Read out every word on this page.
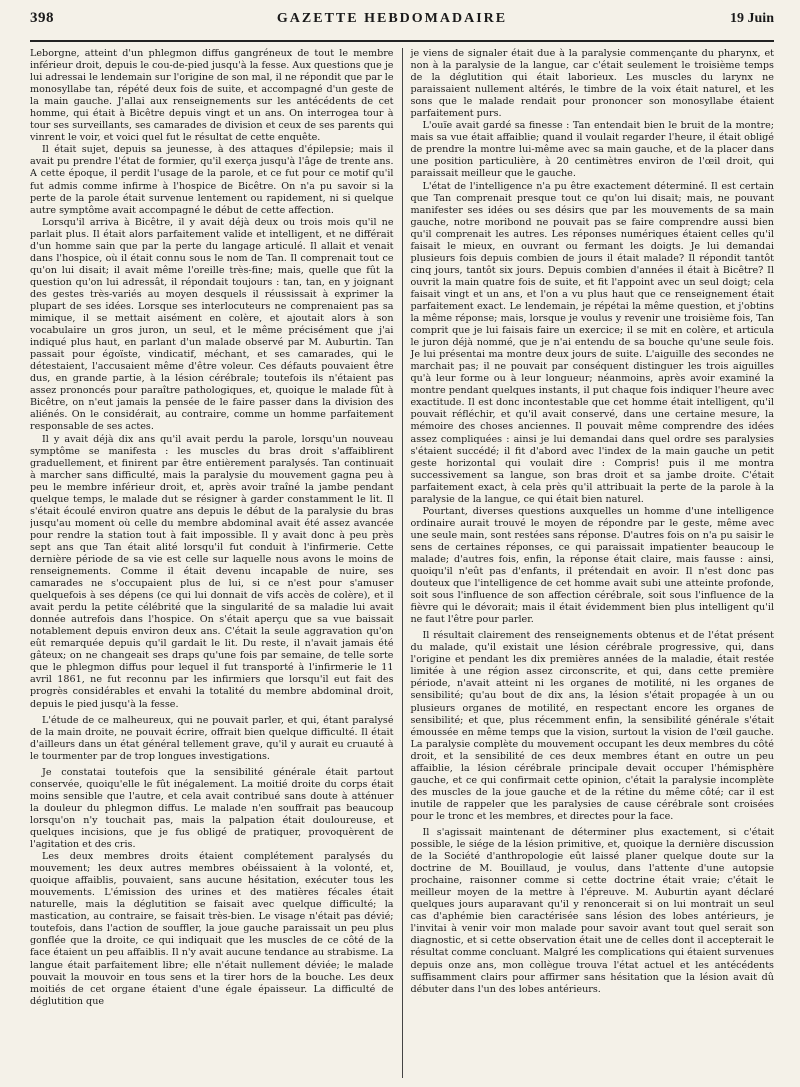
398	GAZETTE HEBDOMADAIRE	19 Juin

Leborgne, atteint d'un phlegmon diffus gangréneux de tout le membre inférieur droit, depuis le cou-de-pied jusqu'à la fesse. Aux questions que je lui adressai le lendemain sur l'origine de son mal, il ne répondit que par le monosyllabe tan, répété deux fois de suite, et accompagné d'un geste de la main gauche. J'allai aux renseignements sur les antécédents de cet homme, qui était à Bicêtre depuis vingt et un ans. On interrogea tour à tour ses surveillants, ses camarades de division et ceux de ses parents qui vinrent le voir, et voici quel fut le résultat de cette enquête.

Il était sujet, depuis sa jeunesse, à des attaques d'épilepsie; mais il avait pu prendre l'état de formier, qu'il exerça jusqu'à l'âge de trente ans. A cette époque, il perdit l'usage de la parole, et ce fut pour ce motif qu'il fut admis comme infirme à l'hospice de Bicêtre. On n'a pu savoir si la perte de la parole était survenue lentement ou rapidement, ni si quelque autre symptôme avait accompagné le début de cette affection.

Lorsqu'il arriva à Bicêtre, il y avait déjà deux ou trois mois qu'il ne parlait plus. Il était alors parfaitement valide et intelligent, et ne différait d'un homme sain que par la perte du langage articulé. Il allait et venait dans l'hospice, où il était connu sous le nom de Tan. Il comprenait tout ce qu'on lui disait; il avait même l'oreille très-fine; mais, quelle que fût la question qu'on lui adressât, il répondait toujours : tan, tan, en y joignant des gestes très-variés au moyen desquels il réussissait à exprimer la plupart de ses idées. Lorsque ses interlocuteurs ne comprenaient pas sa mimique, il se mettait aisément en colère, et ajoutait alors à son vocabulaire un gros juron, un seul, et le même précisément que j'ai indiqué plus haut, en parlant d'un malade observé par M. Auburtin. Tan passait pour égoïste, vindicatif, méchant, et ses camarades, qui le détestaient, l'accusaient même d'être voleur. Ces défauts pouvaient être dus, en grande partie, à la lésion cérébrale; toutefois ils n'étaient pas assez prononcés pour paraître pathologiques, et, quoique le malade fût à Bicêtre, on n'eut jamais la pensée de le faire passer dans la division des aliénés. On le considérait, au contraire, comme un homme parfaitement responsable de ses actes.

Il y avait déjà dix ans qu'il avait perdu la parole, lorsqu'un nouveau symptôme se manifesta : les muscles du bras droit s'affaiblirent graduellement, et finirent par être entièrement paralysés. Tan continuait à marcher sans difficulté, mais la paralysie du mouvement gagna peu à peu le membre inférieur droit, et, après avoir traîné la jambe pendant quelque temps, le malade dut se résigner à garder constamment le lit. Il s'était écoulé environ quatre ans depuis le début de la paralysie du bras jusqu'au moment où celle du membre abdominal avait été assez avancée pour rendre la station tout à fait impossible. Il y avait donc à peu près sept ans que Tan était alité lorsqu'il fut conduit à l'infirmerie. Cette dernière période de sa vie est celle sur laquelle nous avons le moins de renseignements. Comme il était devenu incapable de nuire, ses camarades ne s'occupaient plus de lui, si ce n'est pour s'amuser quelquefois à ses dépens (ce qui lui donnait de vifs accès de colère), et il avait perdu la petite célébrité que la singularité de sa maladie lui avait donnée autrefois dans l'hospice. On s'était aperçu que sa vue baissait notablement depuis environ deux ans. C'était la seule aggravation qu'on eût remarquée depuis qu'il gardait le lit. Du reste, il n'avait jamais été gâteux; on ne changeait ses draps qu'une fois par semaine, de telle sorte que le phlegmon diffus pour lequel il fut transporté à l'infirmerie le 11 avril 1861, ne fut reconnu par les infirmiers que lorsqu'il eut fait des progrès considérables et envahi la totalité du membre abdominal droit, depuis le pied jusqu'à la fesse.

L'étude de ce malheureux, qui ne pouvait parler, et qui, étant paralysé de la main droite, ne pouvait écrire, offrait bien quelque difficulté. Il était d'ailleurs dans un état général tellement grave, qu'il y aurait eu cruauté à le tourmenter par de trop longues investigations.

Je constatai toutefois que la sensibilité générale était partout conservée, quoiqu'elle le fût inégalement. La moitié droite du corps était moins sensible que l'autre, et cela avait contribué sans doute à atténuer la douleur du phlegmon diffus. Le malade n'en souffrait pas beaucoup lorsqu'on n'y touchait pas, mais la palpation était douloureuse, et quelques incisions, que je fus obligé de pratiquer, provoquèrent de l'agitation et des cris.

Les deux membres droits étaient complétement paralysés du mouvement; les deux autres membres obéissaient à la volonté, et, quoique affaiblis, pouvaient, sans aucune hésitation, exécuter tous les mouvements. L'émission des urines et des matières fécales était naturelle, mais la déglutition se faisait avec quelque difficulté; la mastication, au contraire, se faisait très-bien. Le visage n'était pas dévié; toutefois, dans l'action de souffler, la joue gauche paraissait un peu plus gonflée que la droite, ce qui indiquait que les muscles de ce côté de la face étaient un peu affaiblis. Il n'y avait aucune tendance au strabisme. La langue était parfaitement libre; elle n'était nullement déviée; le malade pouvait la mouvoir en tous sens et la tirer hors de la bouche. Les deux moitiés de cet organe étaient d'une égale épaisseur. La difficulté de déglutition que

je viens de signaler était due à la paralysie commençante du pharynx, et non à la paralysie de la langue, car c'était seulement le troisième temps de la déglutition qui était laborieux. Les muscles du larynx ne paraissaient nullement altérés, le timbre de la voix était naturel, et les sons que le malade rendait pour prononcer son monosyllabe étaient parfaitement purs.

L'ouïe avait gardé sa finesse : Tan entendait bien le bruit de la montre; mais sa vue était affaiblie; quand il voulait regarder l'heure, il était obligé de prendre la montre lui-même avec sa main gauche, et de la placer dans une position particulière, à 20 centimètres environ de l'œil droit, qui paraissait meilleur que le gauche.

L'état de l'intelligence n'a pu être exactement déterminé. Il est certain que Tan comprenait presque tout ce qu'on lui disait; mais, ne pouvant manifester ses idées ou ses désirs que par les mouvements de sa main gauche, notre moribond ne pouvait pas se faire comprendre aussi bien qu'il comprenait les autres. Les réponses numériques étaient celles qu'il faisait le mieux, en ouvrant ou fermant les doigts. Je lui demandai plusieurs fois depuis combien de jours il était malade? Il répondit tantôt cinq jours, tantôt six jours. Depuis combien d'années il était à Bicêtre? Il ouvrit la main quatre fois de suite, et fit l'appoint avec un seul doigt; cela faisait vingt et un ans, et l'on a vu plus haut que ce renseignement était parfaitement exact. Le lendemain, je répétai la même question, et j'obtins la même réponse; mais, lorsque je voulus y revenir une troisième fois, Tan comprit que je lui faisais faire un exercice; il se mit en colère, et articula le juron déjà nommé, que je n'ai entendu de sa bouche qu'une seule fois. Je lui présentai ma montre deux jours de suite. L'aiguille des secondes ne marchait pas; il ne pouvait par conséquent distinguer les trois aiguilles qu'à leur forme ou à leur longueur; néanmoins, après avoir examiné la montre pendant quelques instants, il put chaque fois indiquer l'heure avec exactitude. Il est donc incontestable que cet homme était intelligent, qu'il pouvait réfléchir, et qu'il avait conservé, dans une certaine mesure, la mémoire des choses anciennes. Il pouvait même comprendre des idées assez compliquées : ainsi je lui demandai dans quel ordre ses paralysies s'étaient succédé; il fit d'abord avec l'index de la main gauche un petit geste horizontal qui voulait dire : Compris! puis il me montra successivement sa langue, son bras droit et sa jambe droite. C'était parfaitement exact, à cela près qu'il attribuait la perte de la parole à la paralysie de la langue, ce qui était bien naturel.

Pourtant, diverses questions auxquelles un homme d'une intelligence ordinaire aurait trouvé le moyen de répondre par le geste, même avec une seule main, sont restées sans réponse. D'autres fois on n'a pu saisir le sens de certaines réponses, ce qui paraissait impatienter beaucoup le malade; d'autres fois, enfin, la réponse était claire, mais fausse : ainsi, quoiqu'il n'eût pas d'enfants, il prétendait en avoir. Il n'est donc pas douteux que l'intelligence de cet homme avait subi une atteinte profonde, soit sous l'influence de son affection cérébrale, soit sous l'influence de la fièvre qui le dévorait; mais il était évidemment bien plus intelligent qu'il ne faut l'être pour parler.

Il résultait clairement des renseignements obtenus et de l'état présent du malade, qu'il existait une lésion cérébrale progressive, qui, dans l'origine et pendant les dix premières années de la maladie, était restée limitée à une région assez circonscrite, et qui, dans cette première période, n'avait atteint ni les organes de motilité, ni les organes de sensibilité; qu'au bout de dix ans, la lésion s'était propagée à un ou plusieurs organes de motilité, en respectant encore les organes de sensibilité; et que, plus récemment enfin, la sensibilité générale s'était émoussée en même temps que la vision, surtout la vision de l'œil gauche. La paralysie complète du mouvement occupant les deux membres du côté droit, et la sensibilité de ces deux membres étant en outre un peu affaiblie, la lésion cérébrale principale devait occuper l'hémisphère gauche, et ce qui confirmait cette opinion, c'était la paralysie incomplète des muscles de la joue gauche et de la rétine du même côté; car il est inutile de rappeler que les paralysies de cause cérébrale sont croisées pour le tronc et les membres, et directes pour la face.

Il s'agissait maintenant de déterminer plus exactement, si c'était possible, le siége de la lésion primitive, et, quoique la dernière discussion de la Société d'anthropologie eût laissé planer quelque doute sur la doctrine de M. Bouillaud, je voulus, dans l'attente d'une autopsie prochaine, raisonner comme si cette doctrine était vraie; c'était le meilleur moyen de la mettre à l'épreuve. M. Auburtin ayant déclaré quelques jours auparavant qu'il y renoncerait si on lui montrait un seul cas d'aphémie bien caractérisée sans lésion des lobes antérieurs, je l'invitai à venir voir mon malade pour savoir avant tout quel serait son diagnostic, et si cette observation était une de celles dont il accepterait le résultat comme concluant. Malgré les complications qui étaient survenues depuis onze ans, mon collègue trouva l'état actuel et les antécédents suffisamment clairs pour affirmer sans hésitation que la lésion avait dû débuter dans l'un des lobes antérieurs.
